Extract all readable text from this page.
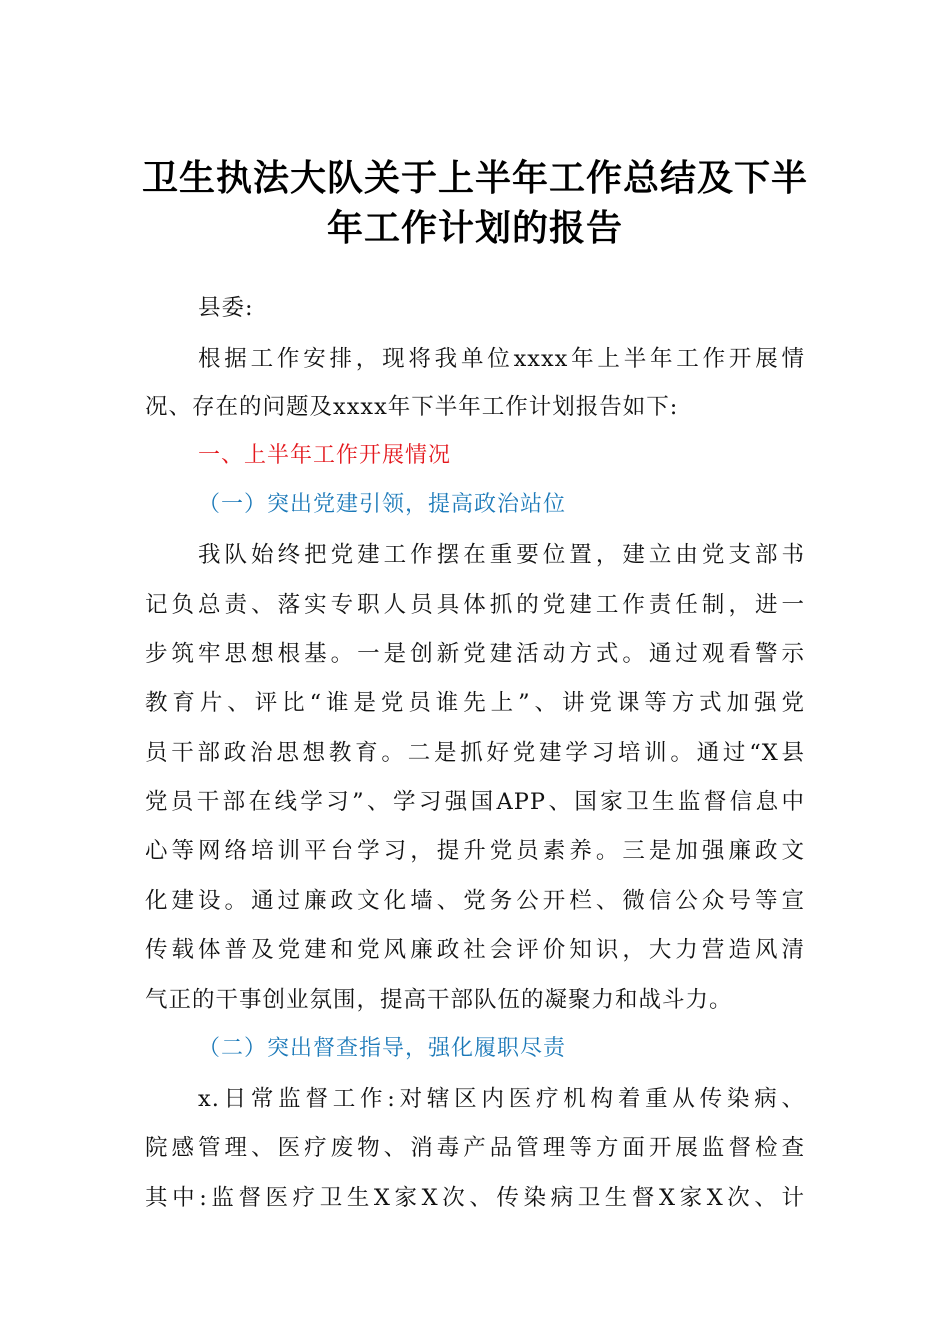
卫生执法大队关于上半年工作总结及下半
年工作计划的报告
县委:
根据工作安排，现将我单位xxxx年上半年工作开展情
况、存在的问题及xxxx年下半年工作计划报告如下:
一、上半年工作开展情况
（一）突出党建引领，提高政治站位
我队始终把党建工作摆在重要位置，建立由党支部书
记负总责、落实专职人员具体抓的党建工作责任制，进一
步筑牢思想根基。一是创新党建活动方式。通过观看警示
教育片、评比“谁是党员谁先上”、讲党课等方式加强党
员干部政治思想教育。二是抓好党建学习培训。通过“X县
党员干部在线学习”、学习强国APP、国家卫生监督信息中
心等网络培训平台学习，提升党员素养。三是加强廉政文
化建设。通过廉政文化墙、党务公开栏、微信公众号等宣
传载体普及党建和党风廉政社会评价知识，大力营造风清
气正的干事创业氛围，提高干部队伍的凝聚力和战斗力。
（二）突出督查指导，强化履职尽责
x.日常监督工作:对辖区内医疗机构着重从传染病、
院感管理、医疗废物、消毒产品管理等方面开展监督检查
其中:监督医疗卫生X家X次、传染病卫生督X家X次、计
